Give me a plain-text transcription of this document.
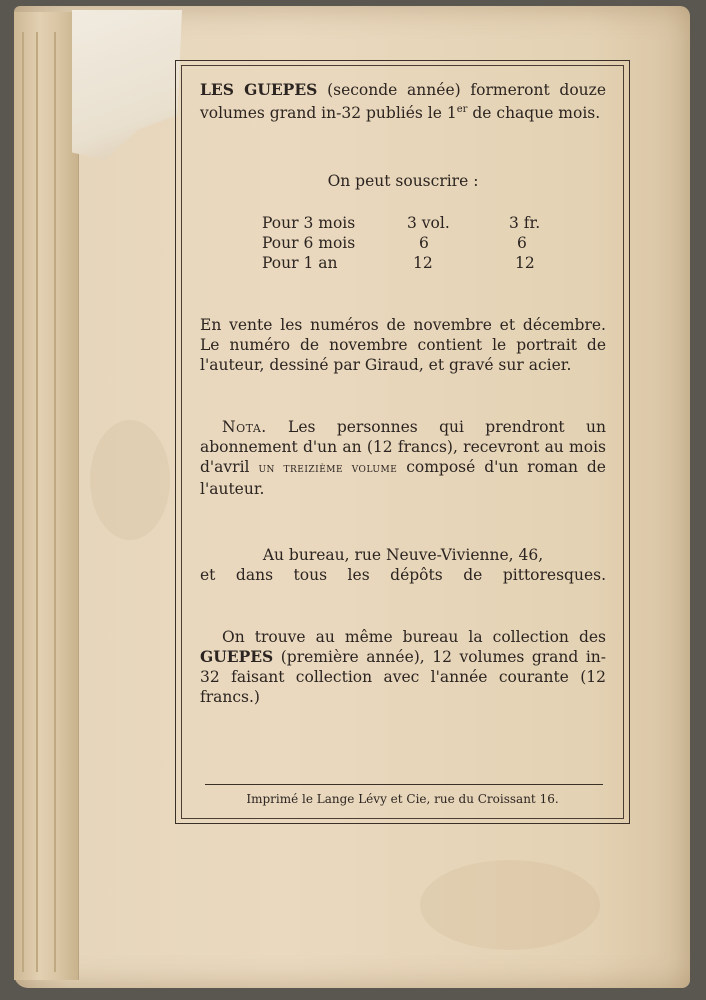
LES GUEPES (seconde année) formeront douze volumes grand in-32 publiés le 1er de chaque mois.

On peut souscrire :
Pour 3 mois	3 vol.	3 fr.
Pour 6 mois	6	6
Pour 1 an	12	12

En vente les numéros de novembre et décembre. Le numéro de novembre contient le portrait de l'auteur, dessiné par Giraud, et gravé sur acier.

Nota. Les personnes qui prendront un abonnement d'un an (12 francs), recevront au mois d'avril un treizième volume composé d'un roman de l'auteur.

Au bureau, rue Neuve-Vivienne, 46,
et dans tous les dépôts de pittoresques.

On trouve au même bureau la collection des GUEPES (première année), 12 volumes grand in-32 faisant collection avec l'année courante (12 francs.)

Imprimé le Lange Lévy et Cie, rue du Croissant 16.
